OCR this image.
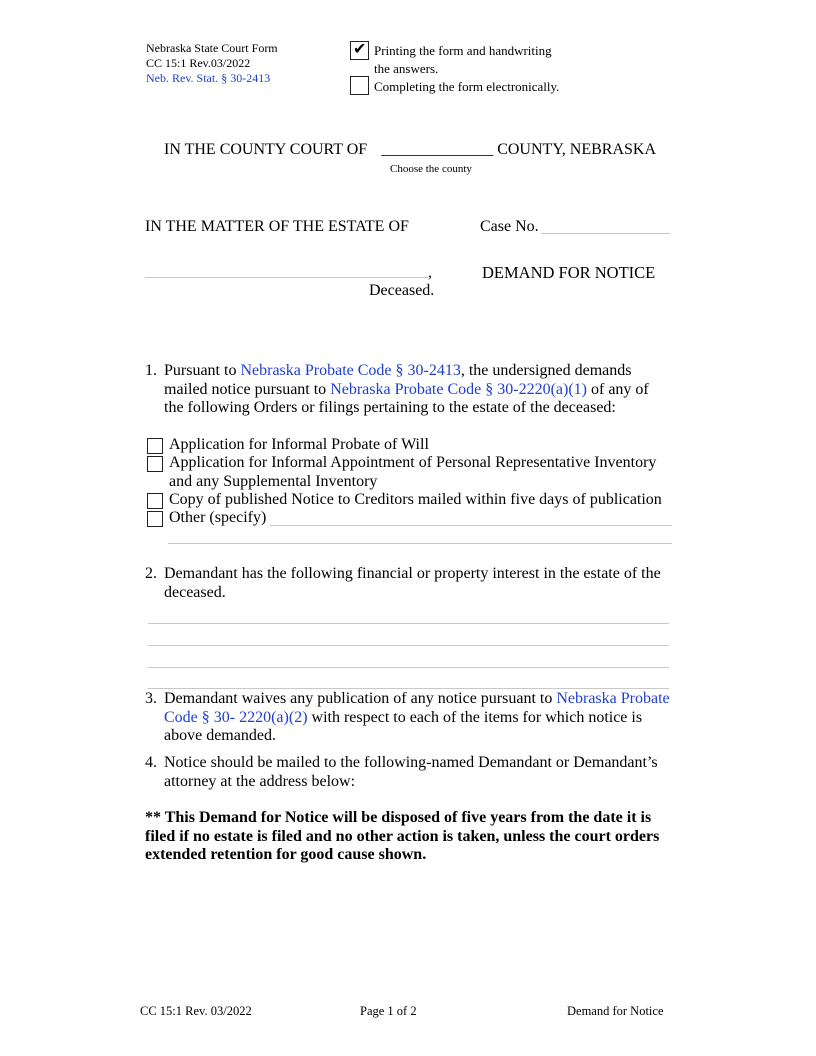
Nebraska State Court Form
CC 15:1 Rev.03/2022
Neb. Rev. Stat. § 30-2413
✔ Printing the form and handwriting
the answers.
Completing the form electronically.
IN THE COUNTY COURT OF ______________ COUNTY, NEBRASKA
Choose the county
IN THE MATTER OF THE ESTATE OF	Case No.
,
Deceased.
DEMAND FOR NOTICE
1. Pursuant to Nebraska Probate Code § 30-2413, the undersigned demands
mailed notice pursuant to Nebraska Probate Code § 30-2220(a)(1) of any of
the following Orders or filings pertaining to the estate of the deceased:
Application for Informal Probate of Will
Application for Informal Appointment of Personal Representative Inventory
and any Supplemental Inventory
Copy of published Notice to Creditors mailed within five days of publication
Other (specify)
2. Demandant has the following financial or property interest in the estate of the
deceased.
3. Demandant waives any publication of any notice pursuant to Nebraska Probate
Code § 30- 2220(a)(2) with respect to each of the items for which notice is
above demanded.
4. Notice should be mailed to the following-named Demandant or Demandant’s
attorney at the address below:
** This Demand for Notice will be disposed of five years from the date it is
filed if no estate is filed and no other action is taken, unless the court orders
extended retention for good cause shown.
CC 15:1 Rev. 03/2022	Page 1 of 2	Demand for Notice
